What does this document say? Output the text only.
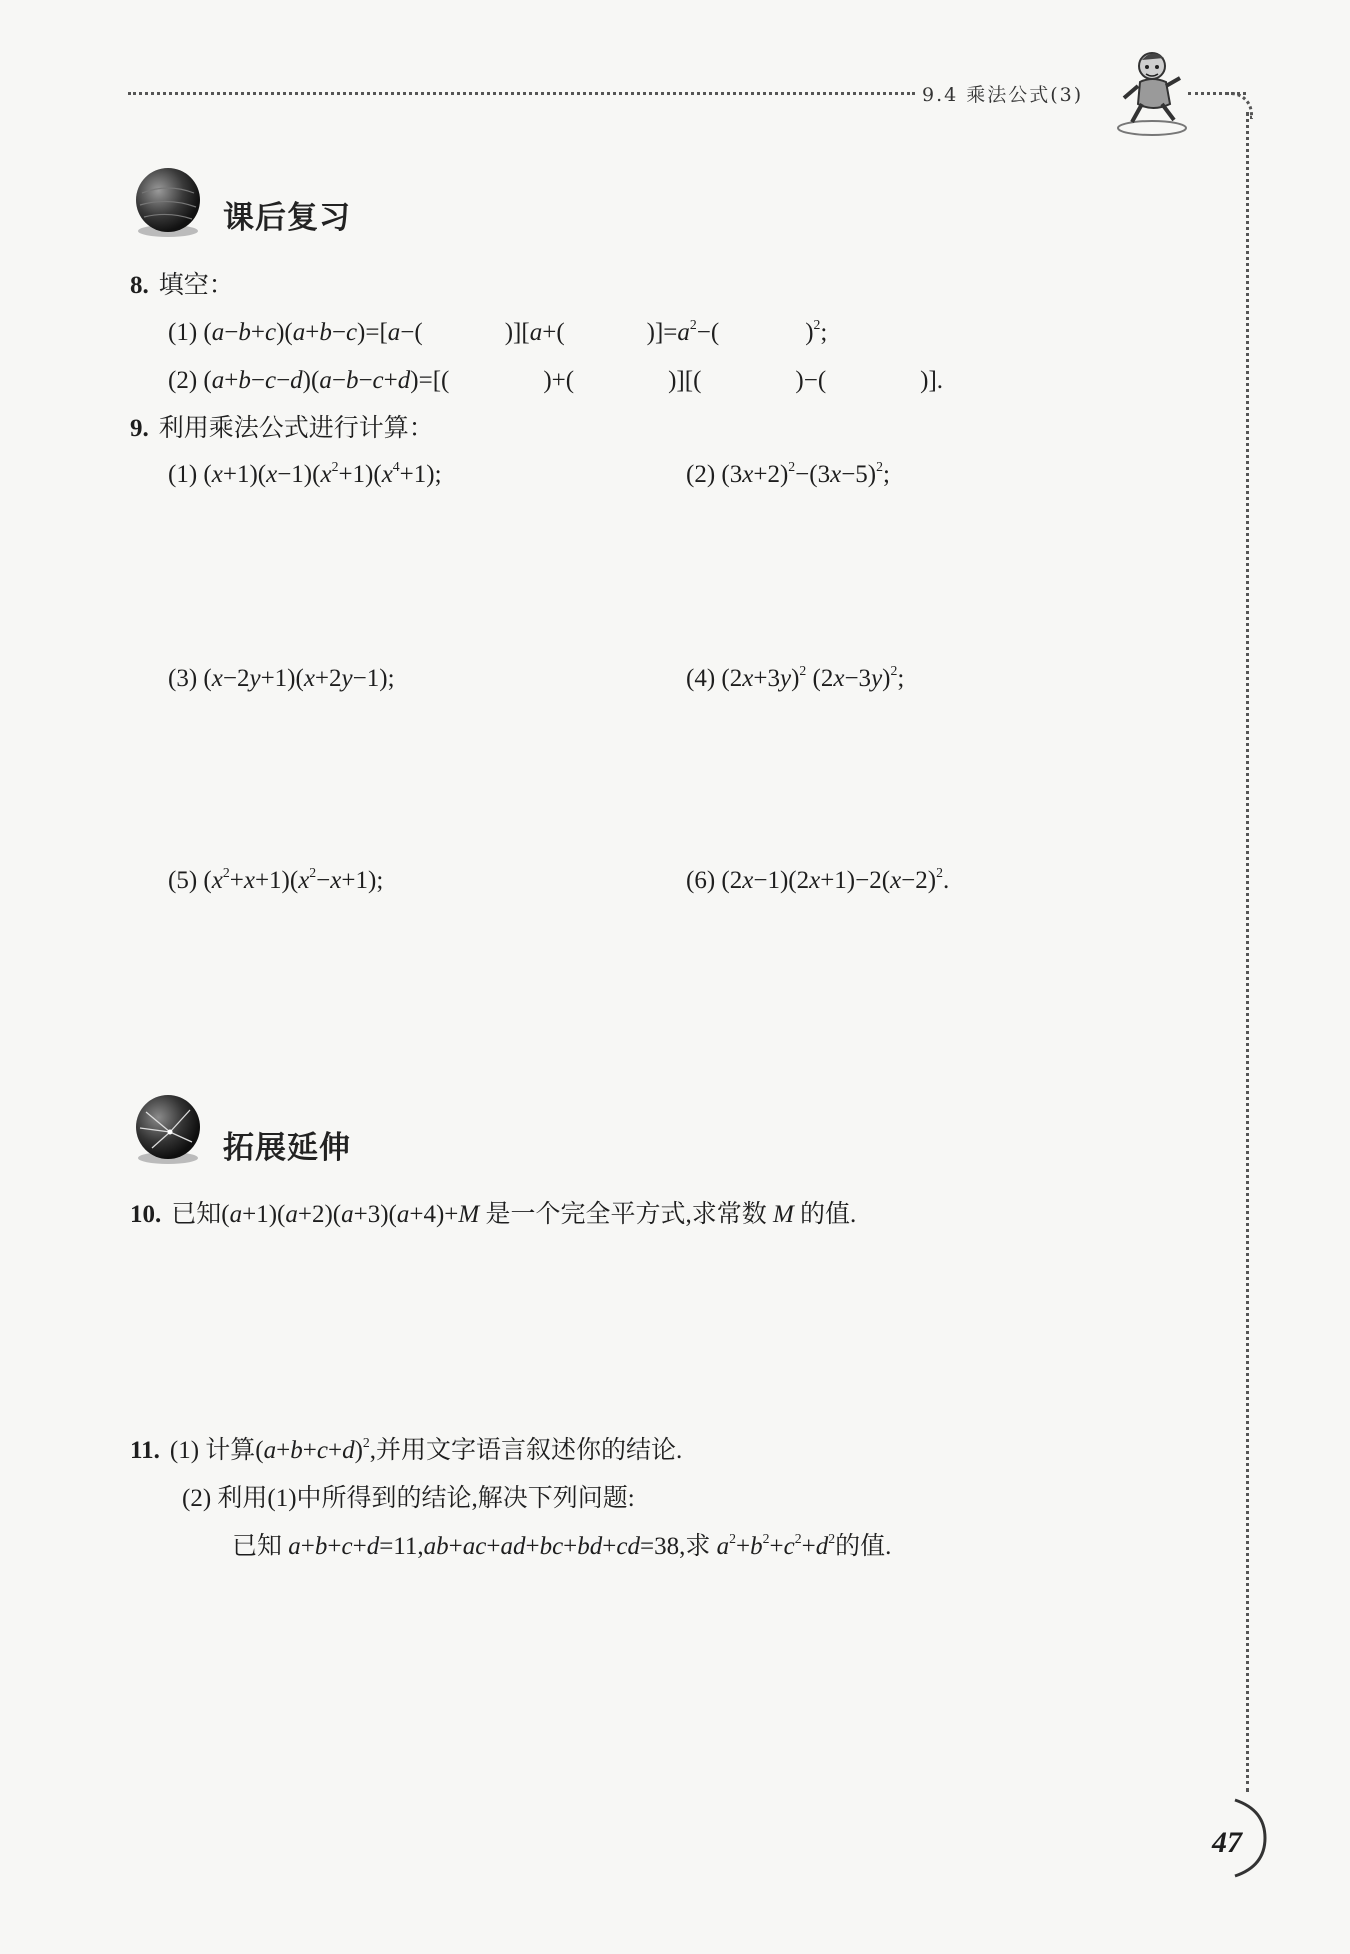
9.4 乘法公式(3)
课后复习
8. 填空：
(1) (a−b+c)(a+b−c)=[a−(	)][a+(	)]$=a^2-$(	)$^2$;
(2) (a+b−c−d)(a−b−c+d)=[(	)+(	)][(	)−(	)].
9. 利用乘法公式进行计算：
(1) $(x+1)(x-1)(x^2+1)(x^4+1)$;	(2) $(3x+2)^2-(3x-5)^2$;
(3) (x−2y+1)(x+2y−1);	(4) $(2x+3y)^2$ $(2x-3y)^2$;
(5) $(x^2+x+1)(x^2-x+1)$;	(6) $(2x-1)(2x+1)-2(x-2)^2$.
拓展延伸
10. 已知(a+1)(a+2)(a+3)(a+4)+M 是一个完全平方式,求常数 M 的值.
11. (1) 计算$(a+b+c+d)^2$,并用文字语言叙述你的结论.
(2) 利用(1)中所得到的结论,解决下列问题:
已知 a+b+c+d=11,ab+ac+ad+bc+bd+cd=38,求 $a^2+b^2+c^2+d^2$的值.
47
